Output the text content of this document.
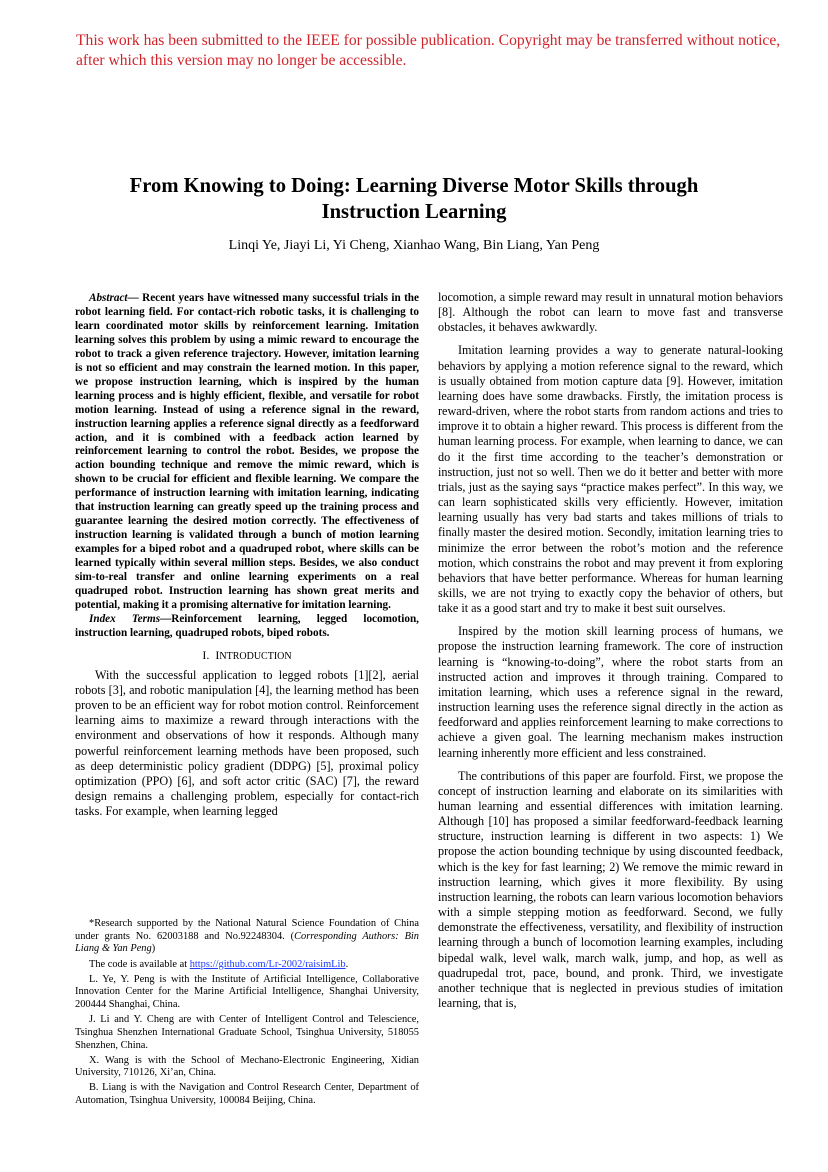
This work has been submitted to the IEEE for possible publication. Copyright may be transferred without notice, after which this version may no longer be accessible.
From Knowing to Doing: Learning Diverse Motor Skills through
Instruction Learning
Linqi Ye, Jiayi Li, Yi Cheng, Xianhao Wang, Bin Liang, Yan Peng

Abstract— Recent years have witnessed many successful trials in the robot learning field. For contact-rich robotic tasks, it is challenging to learn coordinated motor skills by reinforcement learning. Imitation learning solves this problem by using a mimic reward to encourage the robot to track a given reference trajectory. However, imitation learning is not so efficient and may constrain the learned motion. In this paper, we propose instruction learning, which is inspired by the human learning process and is highly efficient, flexible, and versatile for robot motion learning. Instead of using a reference signal in the reward, instruction learning applies a reference signal directly as a feedforward action, and it is combined with a feedback action learned by reinforcement learning to control the robot. Besides, we propose the action bounding technique and remove the mimic reward, which is shown to be crucial for efficient and flexible learning. We compare the performance of instruction learning with imitation learning, indicating that instruction learning can greatly speed up the training process and guarantee learning the desired motion correctly. The effectiveness of instruction learning is validated through a bunch of motion learning examples for a biped robot and a quadruped robot, where skills can be learned typically within several million steps. Besides, we also conduct sim-to-real transfer and online learning experiments on a real quadruped robot. Instruction learning has shown great merits and potential, making it a promising alternative for imitation learning.

Index Terms—Reinforcement learning, legged locomotion, instruction learning, quadruped robots, biped robots.

I. INTRODUCTION

With the successful application to legged robots [1][2], aerial robots [3], and robotic manipulation [4], the learning method has been proven to be an efficient way for robot motion control. Reinforcement learning aims to maximize a reward through interactions with the environment and observations of how it responds. Although many powerful reinforcement learning methods have been proposed, such as deep deterministic policy gradient (DDPG) [5], proximal policy optimization (PPO) [6], and soft actor critic (SAC) [7], the reward design remains a challenging problem, especially for contact-rich tasks. For example, when learning legged

*Research supported by the National Natural Science Foundation of China under grants No. 62003188 and No.92248304. (Corresponding Authors: Bin Liang & Yan Peng)

The code is available at https://github.com/Lr-2002/raisimLib.

L. Ye, Y. Peng is with the Institute of Artificial Intelligence, Collaborative Innovation Center for the Marine Artificial Intelligence, Shanghai University, 200444 Shanghai, China.

J. Li and Y. Cheng are with Center of Intelligent Control and Telescience, Tsinghua Shenzhen International Graduate School, Tsinghua University, 518055 Shenzhen, China.

X. Wang is with the School of Mechano-Electronic Engineering, Xidian University, 710126, Xi’an, China.

B. Liang is with the Navigation and Control Research Center, Department of Automation, Tsinghua University, 100084 Beijing, China.

locomotion, a simple reward may result in unnatural motion behaviors [8]. Although the robot can learn to move fast and transverse obstacles, it behaves awkwardly.

Imitation learning provides a way to generate natural-looking behaviors by applying a motion reference signal to the reward, which is usually obtained from motion capture data [9]. However, imitation learning does have some drawbacks. Firstly, the imitation process is reward-driven, where the robot starts from random actions and tries to improve it to obtain a higher reward. This process is different from the human learning process. For example, when learning to dance, we can do it the first time according to the teacher’s demonstration or instruction, just not so well. Then we do it better and better with more trials, just as the saying says “practice makes perfect”. In this way, we can learn sophisticated skills very efficiently. However, imitation learning usually has very bad starts and takes millions of trials to finally master the desired motion. Secondly, imitation learning tries to minimize the error between the robot’s motion and the reference motion, which constrains the robot and may prevent it from exploring behaviors that have better performance. Whereas for human learning skills, we are not trying to exactly copy the behavior of others, but take it as a good start and try to make it best suit ourselves.

Inspired by the motion skill learning process of humans, we propose the instruction learning framework. The core of instruction learning is “knowing-to-doing”, where the robot starts from an instructed action and improves it through training. Compared to imitation learning, which uses a reference signal in the reward, instruction learning uses the reference signal directly in the action as feedforward and applies reinforcement learning to make corrections to achieve a given goal. The learning mechanism makes instruction learning inherently more efficient and less constrained.

The contributions of this paper are fourfold. First, we propose the concept of instruction learning and elaborate on its similarities with human learning and essential differences with imitation learning. Although [10] has proposed a similar feedforward-feedback learning structure, instruction learning is different in two aspects: 1) We propose the action bounding technique by using discounted feedback, which is the key for fast learning; 2) We remove the mimic reward in instruction learning, which gives it more flexibility. By using instruction learning, the robots can learn various locomotion behaviors with a simple stepping motion as feedforward. Second, we fully demonstrate the effectiveness, versatility, and flexibility of instruction learning through a bunch of locomotion learning examples, including bipedal walk, level walk, march walk, jump, and hop, as well as quadrupedal trot, pace, bound, and pronk. Third, we investigate another technique that is neglected in previous studies of imitation learning, that is,
